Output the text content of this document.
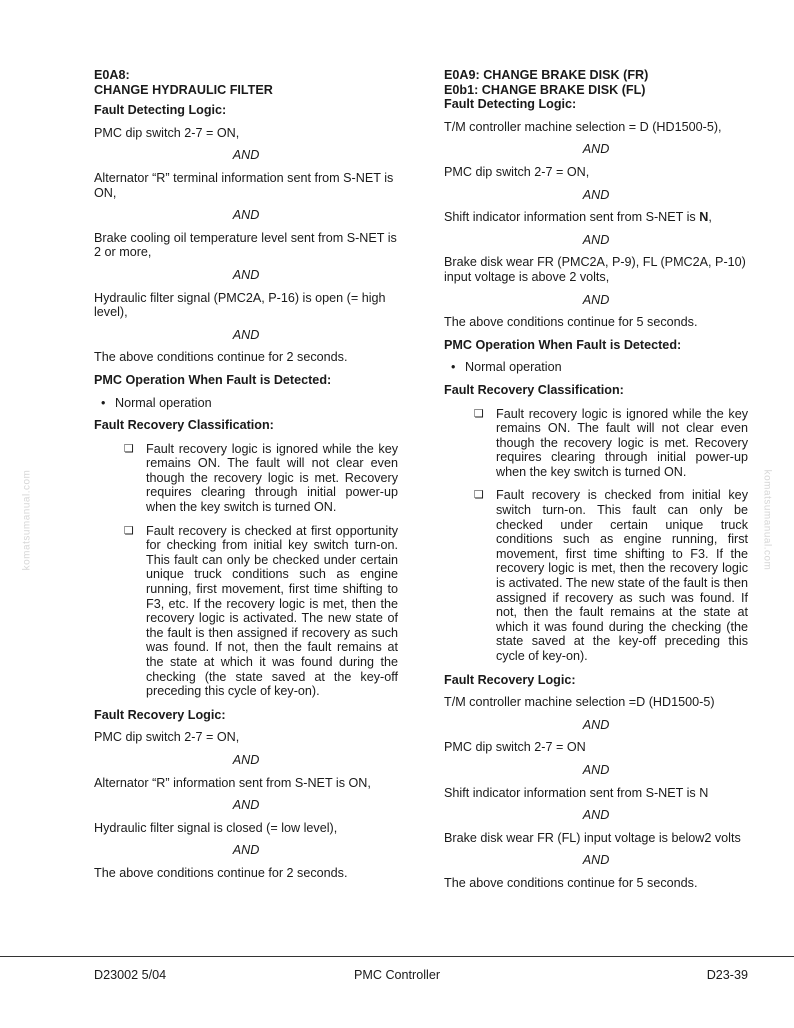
komatsumanual.com	komatsumanual.com

E0A8:

CHANGE HYDRAULIC FILTER

Fault Detecting Logic:

PMC dip switch 2-7 = ON,

AND

Alternator “R” terminal information sent from S-NET is ON,

AND

Brake cooling oil temperature level sent from S-NET is 2 or more,

AND

Hydraulic filter signal (PMC2A, P-16) is open (= high level),

AND

The above conditions continue for 2 seconds.

PMC Operation When Fault is Detected:

• Normal operation

Fault Recovery Classification:

❏ Fault recovery logic is ignored while the key remains ON. The fault will not clear even though the recovery logic is met. Recovery requires clearing through initial power-up when the key switch is turned ON.
❏ Fault recovery is checked at first opportunity for checking from initial key switch turn-on. This fault can only be checked under certain unique truck conditions such as engine running, first movement, first time shifting to F3, etc. If the recovery logic is met, then the recovery logic is activated. The new state of the fault is then assigned if recovery as such was found. If not, then the fault remains at the state at which it was found during the checking (the state saved at the key-off preceding this cycle of key-on).

Fault Recovery Logic:

PMC dip switch 2-7 = ON,

AND

Alternator “R” information sent from S-NET is ON,

AND

Hydraulic filter signal is closed (= low level),

AND

The above conditions continue for 2 seconds.

E0A9: CHANGE BRAKE DISK (FR)

E0b1: CHANGE BRAKE DISK (FL)

Fault Detecting Logic:

T/M controller machine selection = D (HD1500-5),

AND

PMC dip switch 2-7 = ON,

AND

Shift indicator information sent from S-NET is N,

AND

Brake disk wear FR (PMC2A, P-9), FL (PMC2A, P-10) input voltage is above 2 volts,

AND

The above conditions continue for 5 seconds.

PMC Operation When Fault is Detected:

• Normal operation

Fault Recovery Classification:

❏ Fault recovery logic is ignored while the key remains ON. The fault will not clear even though the recovery logic is met. Recovery requires clearing through initial power-up when the key switch is turned ON.
❏ Fault recovery is checked from initial key switch turn-on. This fault can only be checked under certain unique truck conditions such as engine running, first movement, first time shifting to F3. If the recovery logic is met, then the recovery logic is activated. The new state of the fault is then assigned if recovery as such was found. If not, then the fault remains at the state at which it was found during the checking (the state saved at the key-off preceding this cycle of key-on).

Fault Recovery Logic:

T/M controller machine selection =D (HD1500-5)

AND

PMC dip switch 2-7 = ON

AND

Shift indicator information sent from S-NET is N

AND

Brake disk wear FR (FL) input voltage is below2 volts

AND

The above conditions continue for 5 seconds.

D23002 5/04	PMC Controller	D23-39
